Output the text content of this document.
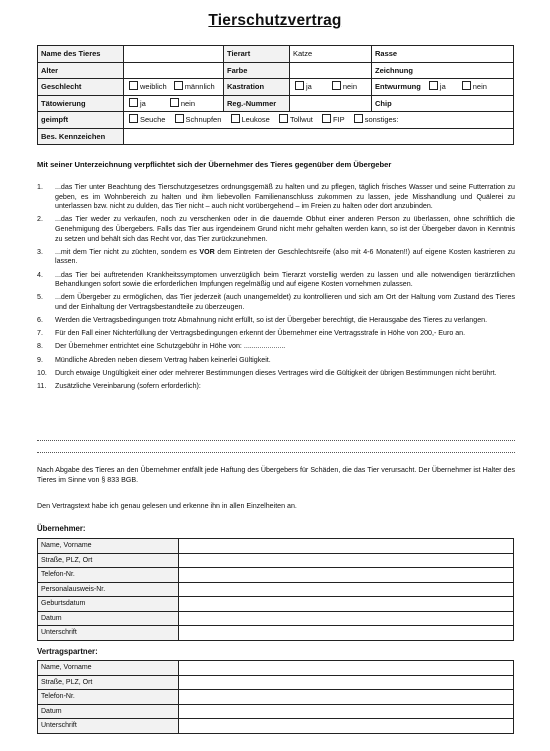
Tierschutzvertrag
Name des Tieres		Tierart	Katze	Rasse
Alter		Farbe		Zeichnung
Geschlecht	weiblich männlich	Kastration	ja nein	Entwurmung ja nein
Tätowierung	ja nein	Reg.-Nummer		Chip
geimpft	Seuche Schnupfen Leukose Tollwut FIP sonstiges:			
Bes. Kennzeichen				
Mit seiner Unterzeichnung verpflichtet sich der Übernehmer des Tieres gegenüber dem Übergeber
1. ...das Tier unter Beachtung des Tierschutzgesetzes ordnungsgemäß zu halten und zu pflegen, täglich frisches Wasser und seine Futterration zu geben, es im Wohnbereich zu halten und ihm liebevollen Familienanschluss zukommen zu lassen, jede Misshandlung und Quälerei zu unterlassen bzw. nicht zu dulden, das Tier nicht – auch nicht vorübergehend – im Freien zu halten oder dort anzubinden.
2. ...das Tier weder zu verkaufen, noch zu verschenken oder in die dauernde Obhut einer anderen Person zu überlassen, ohne schriftlich die Genehmigung des Übergebers. Falls das Tier aus irgendeinem Grund nicht mehr gehalten werden kann, so ist der Übergeber davon in Kenntnis zu setzen und behält sich das Recht vor, das Tier zurückzunehmen.
3. ...mit dem Tier nicht zu züchten, sondern es VOR dem Eintreten der Geschlechtsreife (also mit 4-6 Monaten!!) auf eigene Kosten kastrieren zu lassen.
4. ...das Tier bei auftretenden Krankheitssymptomen unverzüglich beim Tierarzt vorstellig werden zu lassen und alle notwendigen tierärztlichen Behandlungen sofort sowie die erforderlichen Impfungen regelmäßig und auf eigene Kosten vornehmen zulassen.
5. ...dem Übergeber zu ermöglichen, das Tier jederzeit (auch unangemeldet) zu kontrollieren und sich am Ort der Haltung vom Zustand des Tieres und der Einhaltung der Vertragsbestandteile zu überzeugen.
6. Werden die Vertragsbedingungen trotz Abmahnung nicht erfüllt, so ist der Übergeber berechtigt, die Herausgabe des Tieres zu verlangen.
7. Für den Fall einer Nichterfüllung der Vertragsbedingungen erkennt der Übernehmer eine Vertragsstrafe in Höhe von 200,- Euro an.
8. Der Übernehmer entrichtet eine Schutzgebühr in Höhe von: .....................
9. Mündliche Abreden neben diesem Vertrag haben keinerlei Gültigkeit.
10. Durch etwaige Ungültigkeit einer oder mehrerer Bestimmungen dieses Vertrages wird die Gültigkeit der übrigen Bestimmungen nicht berührt.
11. Zusätzliche Vereinbarung (sofern erforderlich):
Nach Abgabe des Tieres an den Übernehmer entfällt jede Haftung des Übergebers für Schäden, die das Tier verursacht. Der Übernehmer ist Halter des Tieres im Sinne von § 833 BGB.
Den Vertragstext habe ich genau gelesen und erkenne ihn in allen Einzelheiten an.
Übernehmer:
Name, Vorname	
Straße, PLZ, Ort	
Telefon-Nr.	
Personalausweis-Nr.	
Geburtsdatum	
Datum	
Unterschrift	
Vertragspartner:
Name, Vorname	
Straße, PLZ, Ort	
Telefon-Nr.	
Datum	
Unterschrift	
